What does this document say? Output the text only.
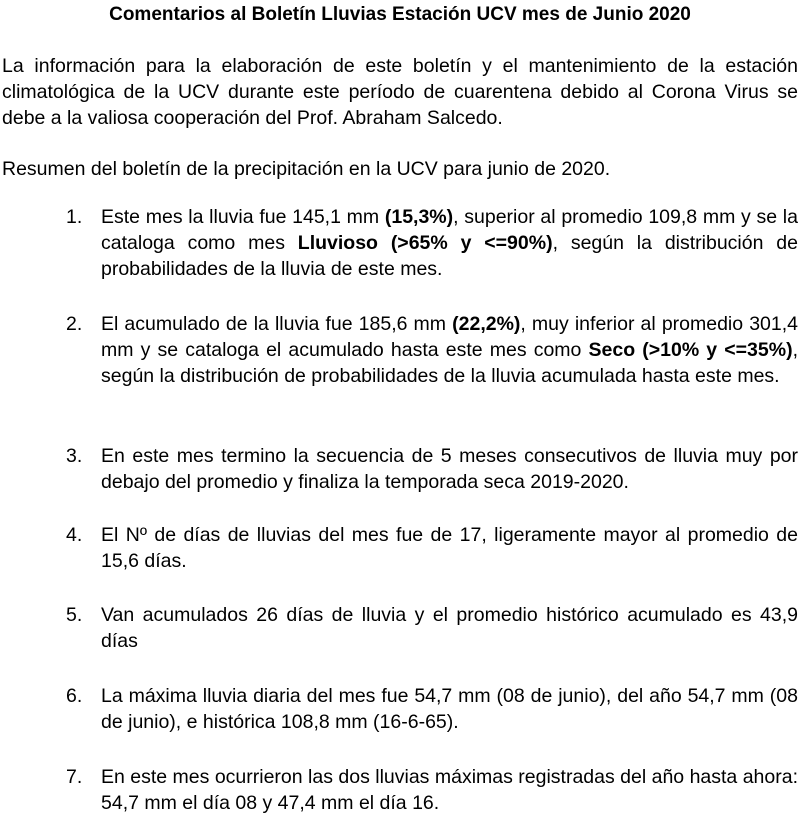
Comentarios al Boletín Lluvias Estación UCV mes de Junio 2020
La información para la elaboración de este boletín y el mantenimiento de la estación climatológica de la UCV durante este período de cuarentena debido al Corona Virus se debe a la valiosa cooperación del Prof. Abraham Salcedo.
Resumen del boletín de la precipitación en la UCV para junio de 2020.
1. Este mes la lluvia fue 145,1 mm (15,3%), superior al promedio 109,8 mm y se la cataloga como mes Lluvioso (>65% y <=90%), según la distribución de probabilidades de la lluvia de este mes.
2. El acumulado de la lluvia fue 185,6 mm (22,2%), muy inferior al promedio 301,4 mm y se cataloga el acumulado hasta este mes como Seco (>10% y <=35%), según la distribución de probabilidades de la lluvia acumulada hasta este mes.
3. En este mes termino la secuencia de 5 meses consecutivos de lluvia muy por debajo del promedio y finaliza la temporada seca 2019-2020.
4. El Nº de días de lluvias del mes fue de 17, ligeramente mayor al promedio de 15,6 días.
5. Van acumulados 26 días de lluvia y el promedio histórico acumulado es 43,9 días
6. La máxima lluvia diaria del mes fue 54,7 mm (08 de junio), del año 54,7 mm (08 de junio), e histórica 108,8 mm (16-6-65).
7. En este mes ocurrieron las dos lluvias máximas registradas del año hasta ahora: 54,7 mm el día 08 y 47,4 mm el día 16.
